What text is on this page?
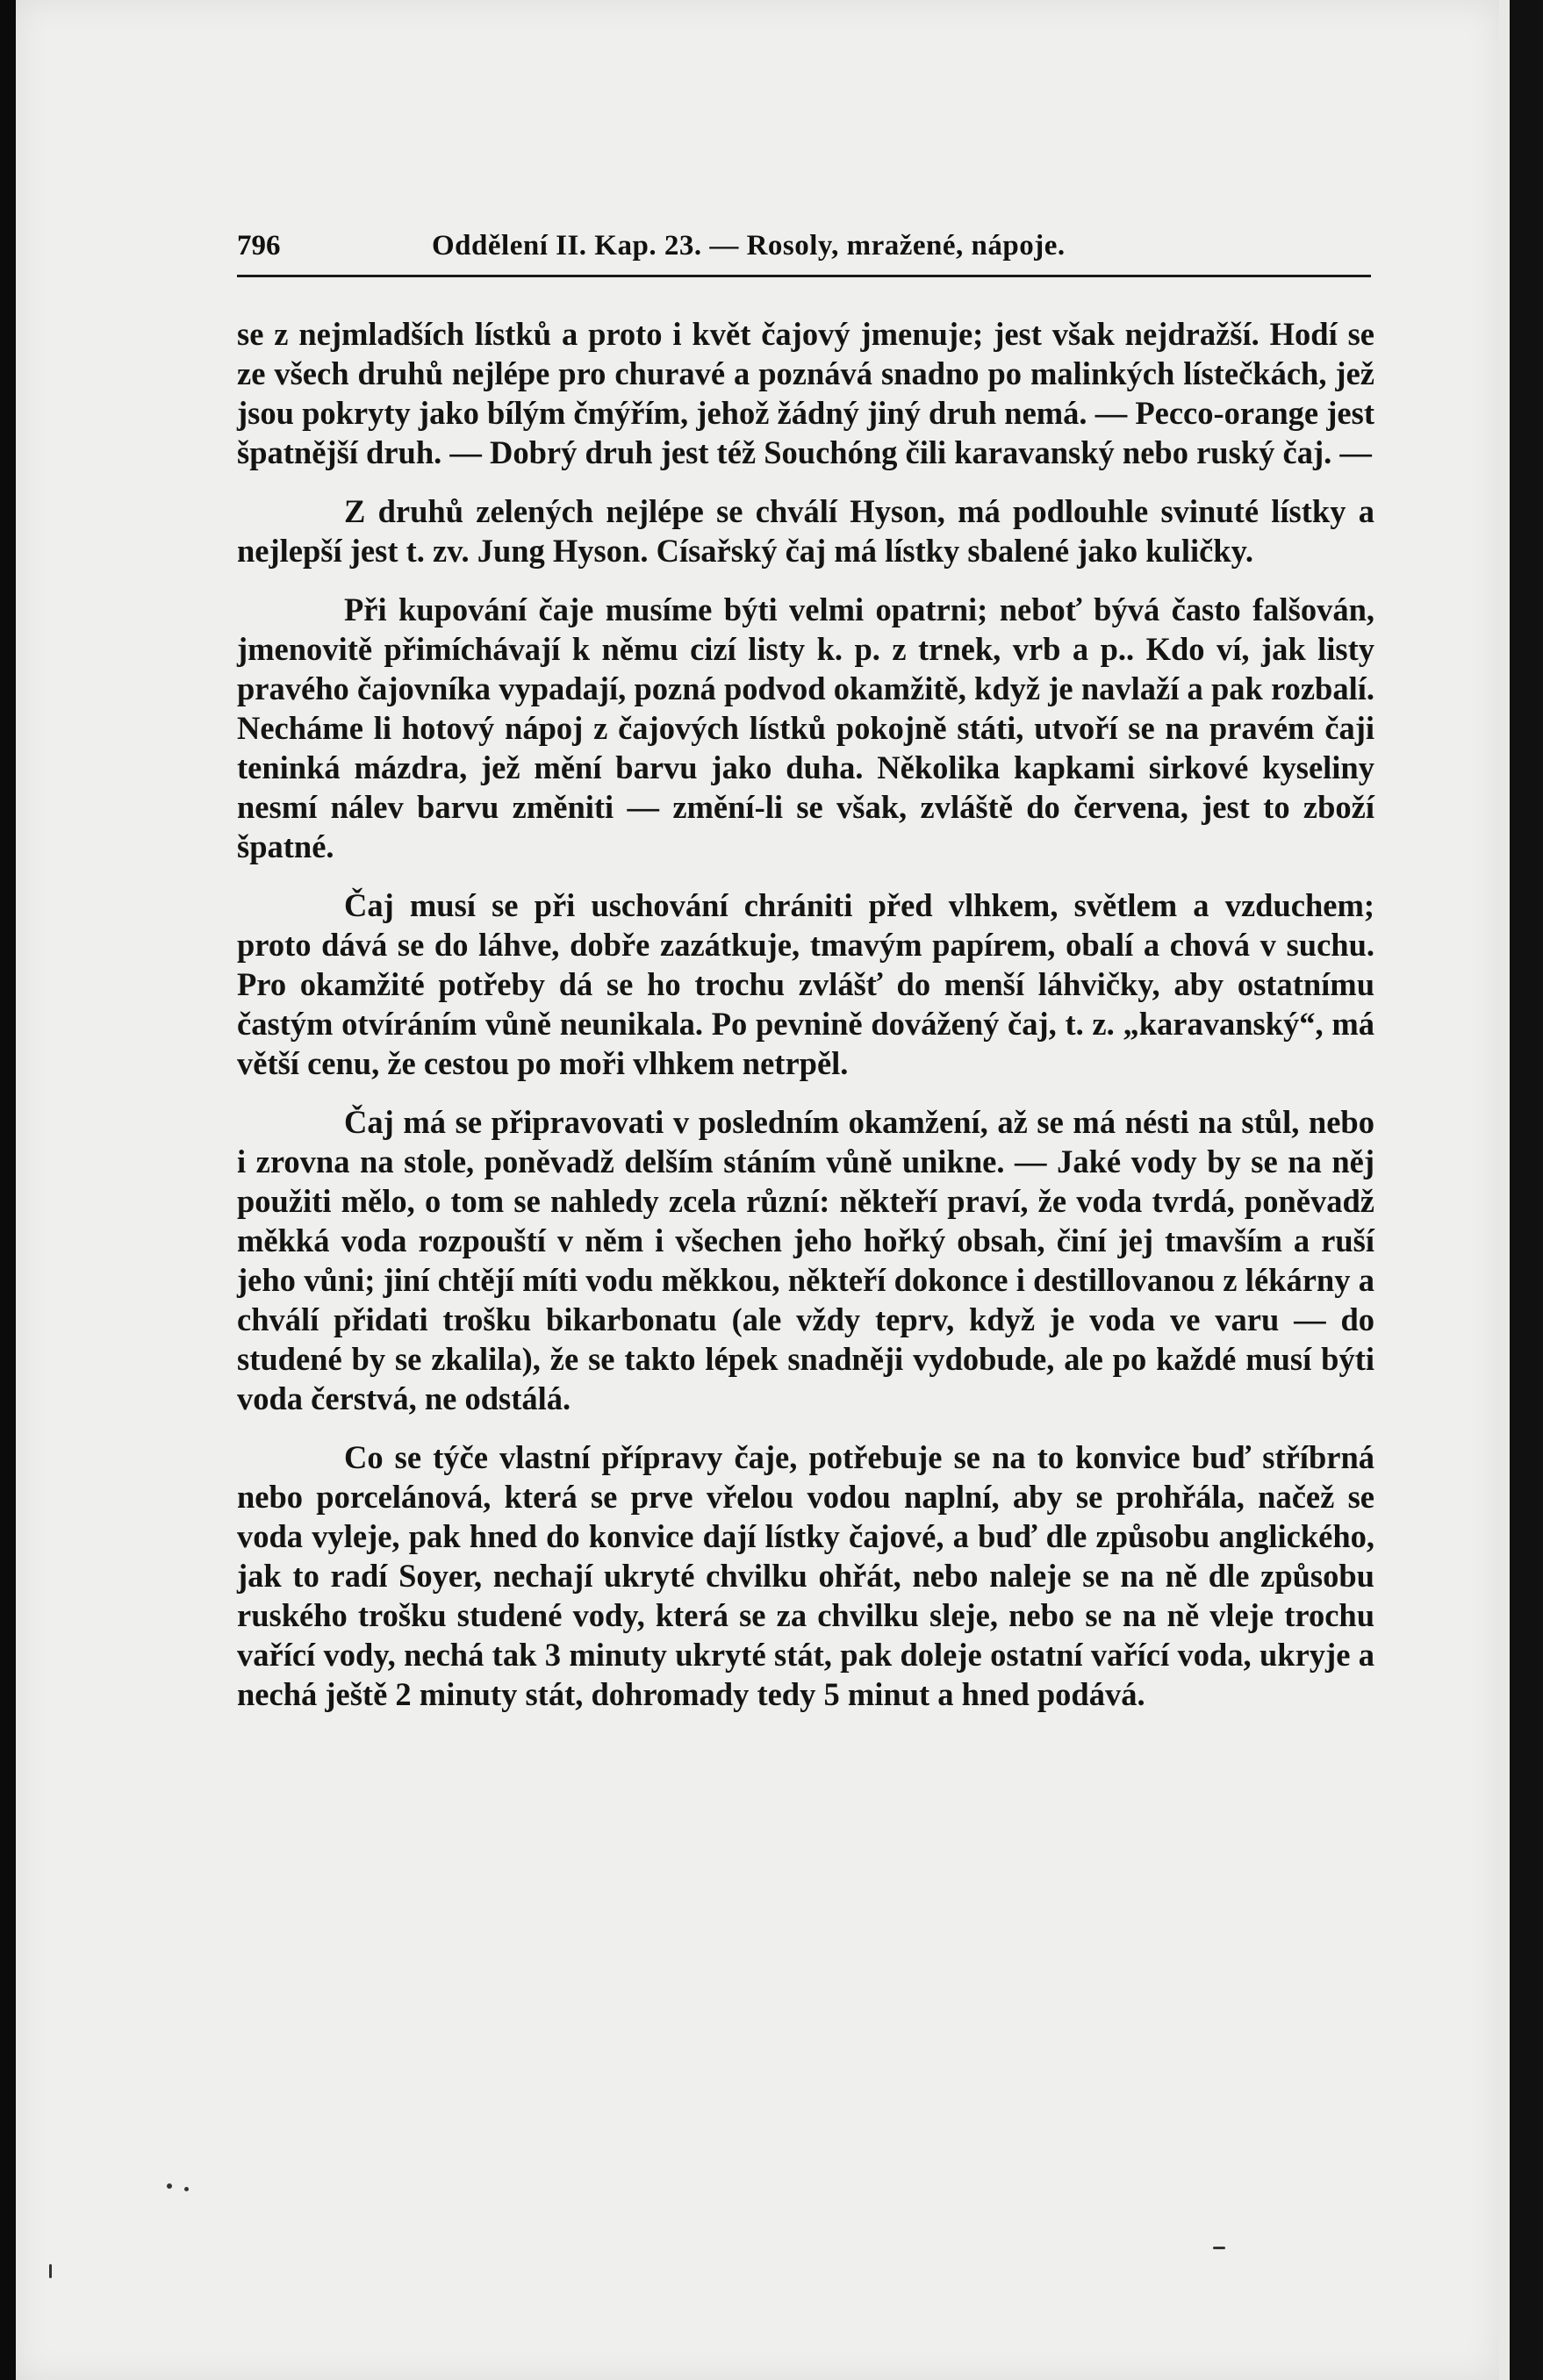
796	Oddělení II. Kap. 23. — Rosoly, mražené, nápoje.

se z nejmladších lístků a proto i květ čajový jmenuje; jest však nejdražší. Hodí se ze všech druhů nejlépe pro churavé a poznává snadno po malinkých lístečkách, jež jsou pokryty jako bílým čmýřím, jehož žádný jiný druh nemá. — Pecco-orange jest špatnější druh. — Dobrý druh jest též Souchóng čili karavanský nebo ruský čaj. —

Z druhů zelených nejlépe se chválí Hyson, má podlouhle svinuté lístky a nejlepší jest t. zv. Jung Hyson. Císařský čaj má lístky sbalené jako kuličky.

Při kupování čaje musíme býti velmi opatrni; neboť bývá často falšován, jmenovitě přimíchávají k němu cizí listy k. p. z trnek, vrb a p.. Kdo ví, jak listy pravého čajovníka vypadají, pozná podvod okamžitě, když je navlaží a pak rozbalí. Necháme li hotový nápoj z čajových lístků pokojně státi, utvoří se na pravém čaji teninká mázdra, jež mění barvu jako duha. Několika kapkami sirkové kyseliny nesmí nálev barvu změniti — změní-li se však, zvláště do červena, jest to zboží špatné.

Čaj musí se při uschování chrániti před vlhkem, světlem a vzduchem; proto dává se do láhve, dobře zazátkuje, tmavým papírem, obalí a chová v suchu. Pro okamžité potřeby dá se ho trochu zvlášť do menší láhvičky, aby ostatnímu častým otvíráním vůně neunikala. Po pevnině dovážený čaj, t. z. „karavanský“, má větší cenu, že cestou po moři vlhkem netrpěl.

Čaj má se připravovati v posledním okamžení, až se má nésti na stůl, nebo i zrovna na stole, poněvadž delším stáním vůně unikne. — Jaké vody by se na něj použiti mělo, o tom se nahledy zcela různí: někteří praví, že voda tvrdá, poněvadž měkká voda rozpouští v něm i všechen jeho hořký obsah, činí jej tmavším a ruší jeho vůni; jiní chtějí míti vodu měkkou, někteří dokonce i destillovanou z lékárny a chválí přidati trošku bikarbonatu (ale vždy teprv, když je voda ve varu — do studené by se zkalila), že se takto lépek snadněji vydobude, ale po každé musí býti voda čerstvá, ne odstálá.

Co se týče vlastní přípravy čaje, potřebuje se na to konvice buď stříbrná nebo porcelánová, která se prve vřelou vodou naplní, aby se prohřála, načež se voda vyleje, pak hned do konvice dají lístky čajové, a buď dle způsobu anglického, jak to radí Soyer, nechají ukryté chvilku ohřát, nebo naleje se na ně dle způsobu ruského trošku studené vody, která se za chvilku sleje, nebo se na ně vleje trochu vařící vody, nechá tak 3 minuty ukryté stát, pak doleje ostatní vařící voda, ukryje a nechá ještě 2 minuty stát, dohromady tedy 5 minut a hned podává.
